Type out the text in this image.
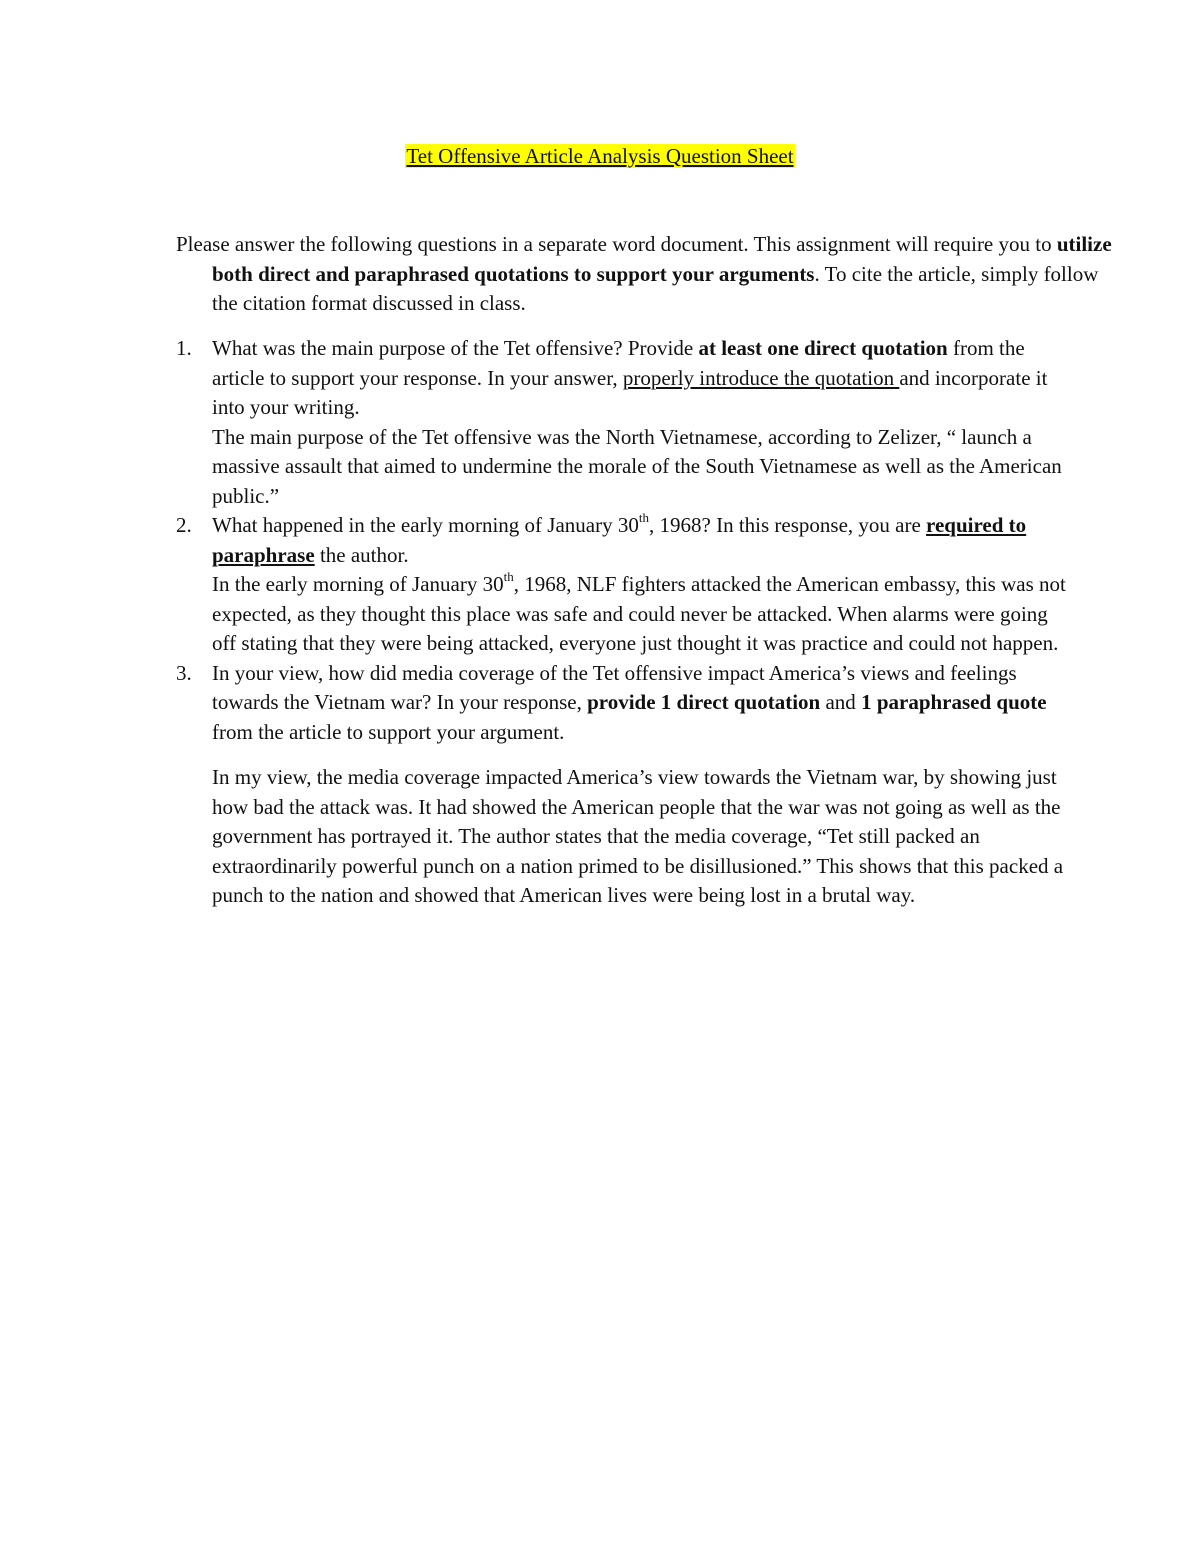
Tet Offensive Article Analysis Question Sheet
Please answer the following questions in a separate word document. This assignment will require you to utilize both direct and paraphrased quotations to support your arguments. To cite the article, simply follow the citation format discussed in class.
1. What was the main purpose of the Tet offensive? Provide at least one direct quotation from the article to support your response. In your answer, properly introduce the quotation and incorporate it into your writing.
The main purpose of the Tet offensive was the North Vietnamese, according to Zelizer, “ launch a massive assault that aimed to undermine the morale of the South Vietnamese as well as the American public.”
2. What happened in the early morning of January 30th, 1968? In this response, you are required to paraphrase the author.
In the early morning of January 30th, 1968, NLF fighters attacked the American embassy, this was not expected, as they thought this place was safe and could never be attacked. When alarms were going off stating that they were being attacked, everyone just thought it was practice and could not happen.
3. In your view, how did media coverage of the Tet offensive impact America’s views and feelings towards the Vietnam war? In your response, provide 1 direct quotation and 1 paraphrased quote from the article to support your argument.
In my view, the media coverage impacted America’s view towards the Vietnam war, by showing just how bad the attack was. It had showed the American people that the war was not going as well as the government has portrayed it. The author states that the media coverage, “Tet still packed an extraordinarily powerful punch on a nation primed to be disillusioned.” This shows that this packed a punch to the nation and showed that American lives were being lost in a brutal way.
